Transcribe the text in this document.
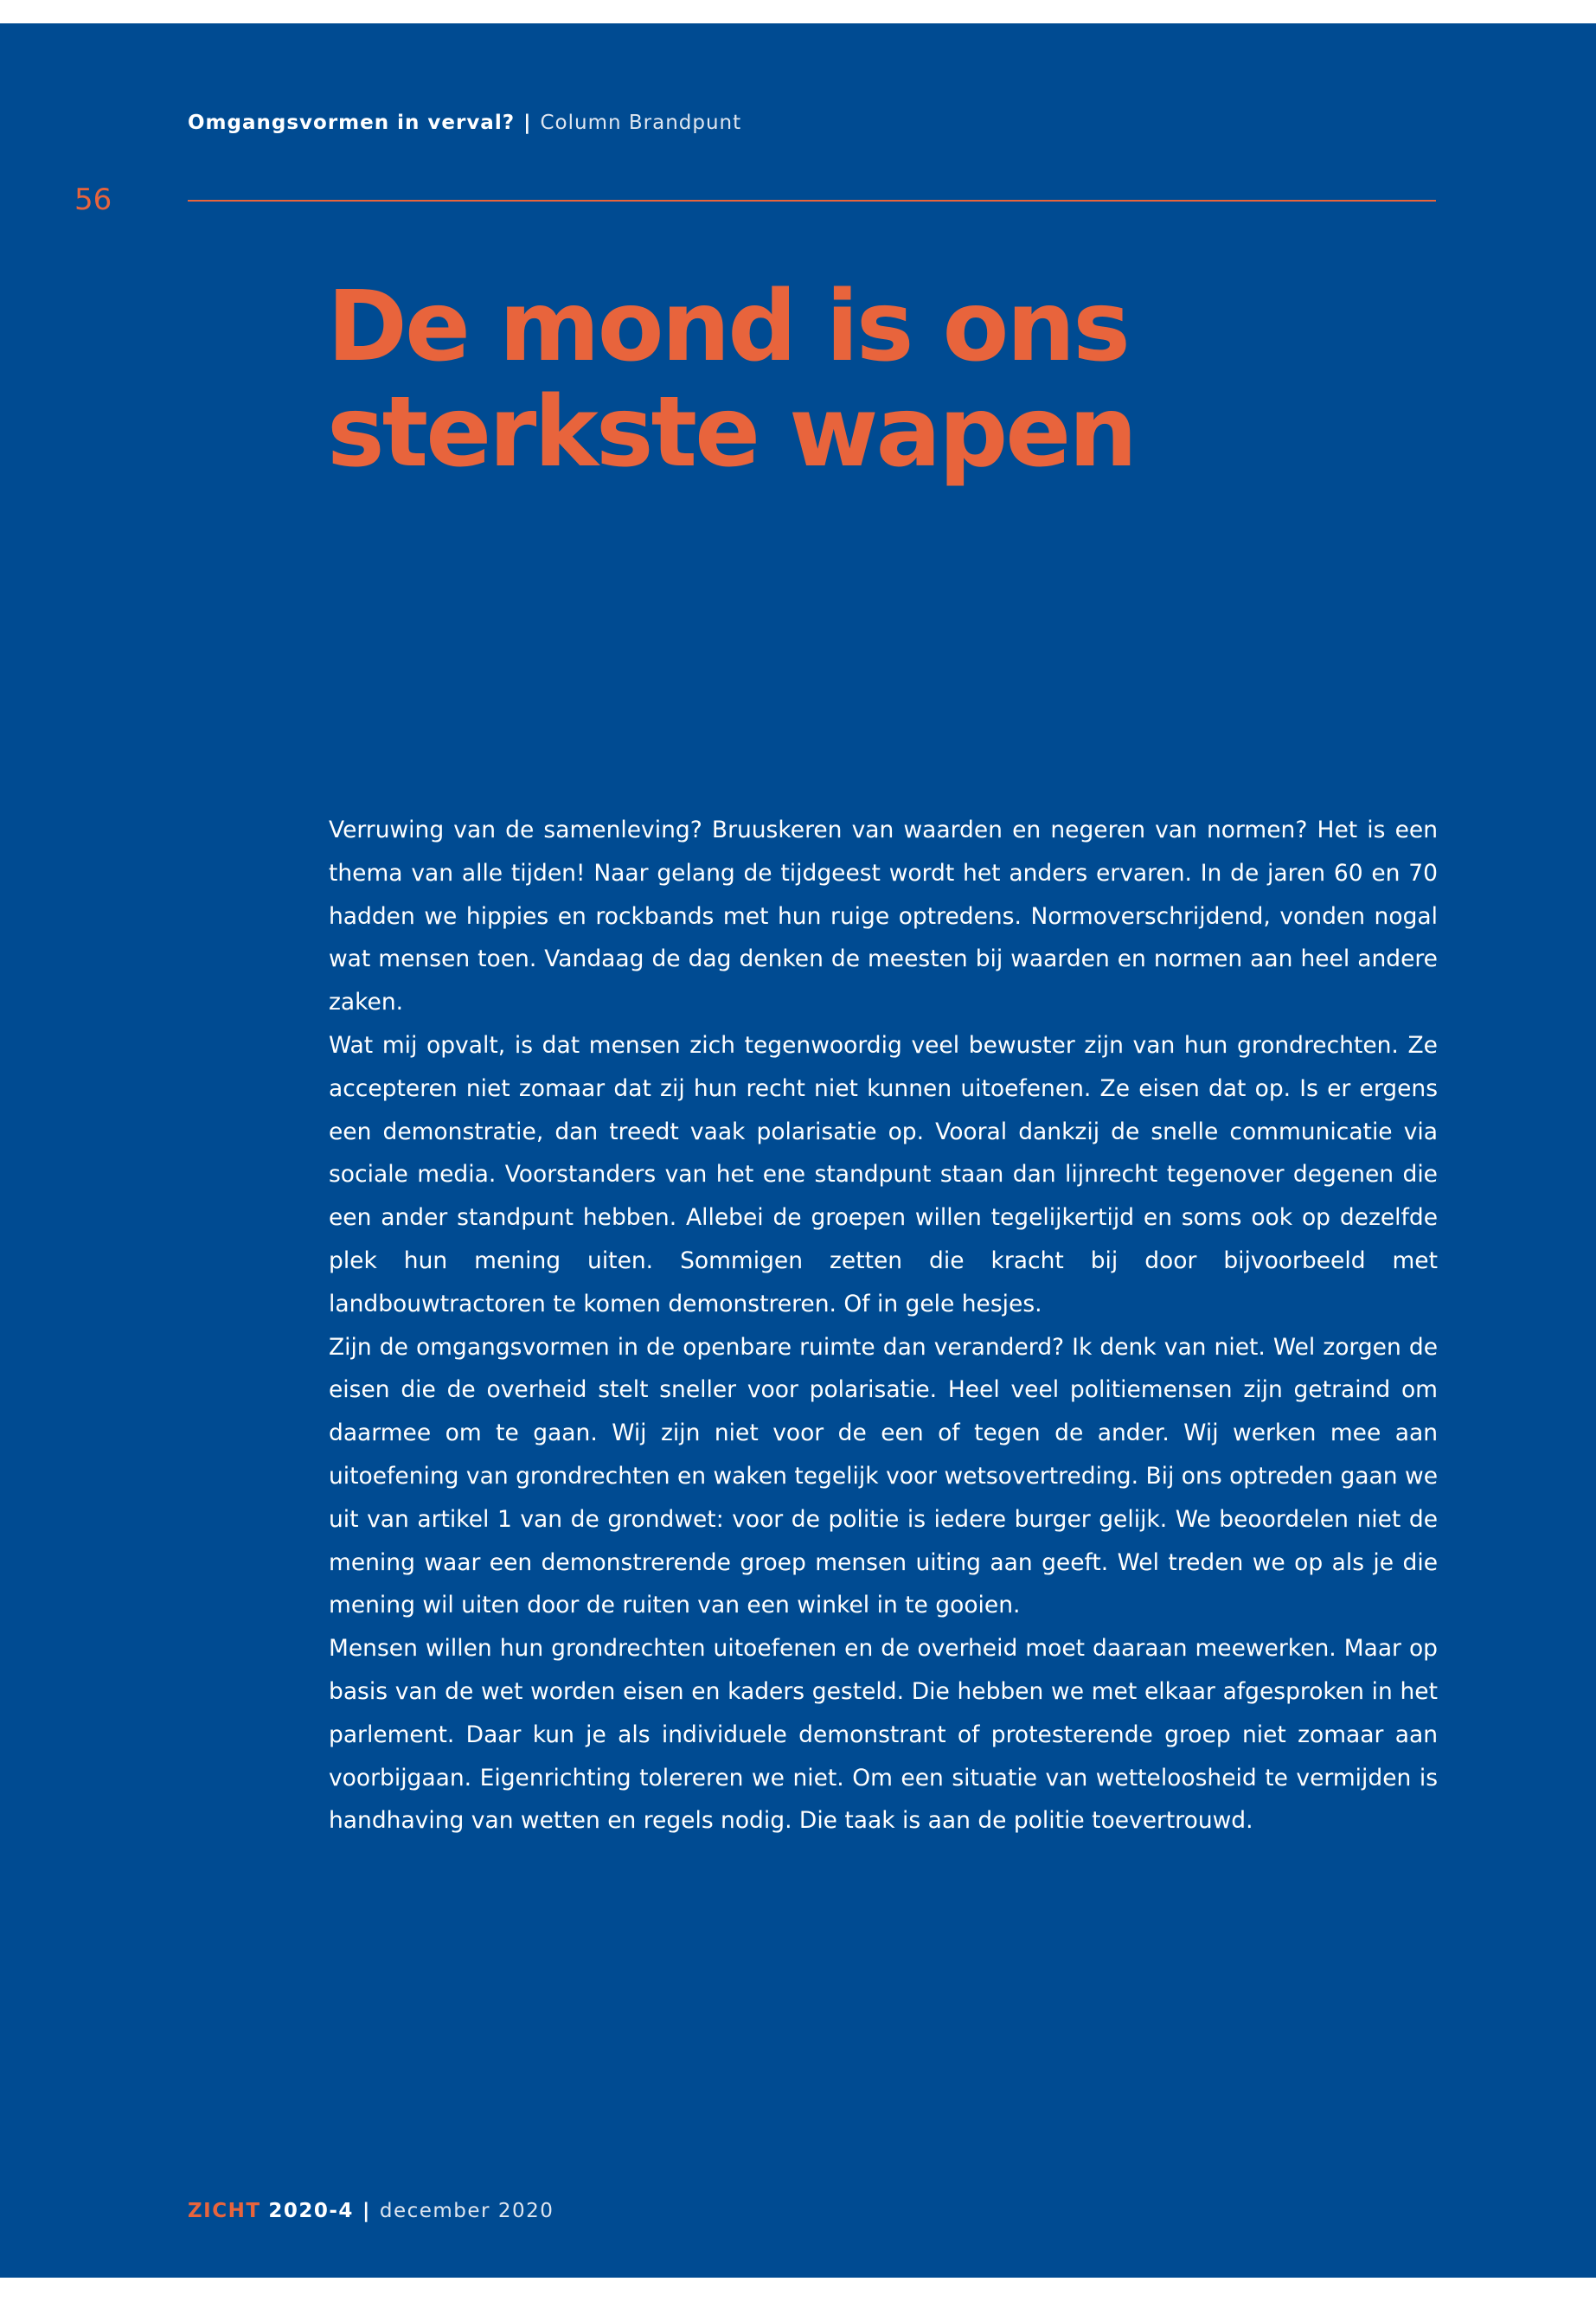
Omgangsvormen in verval? | Column Brandpunt
56
De mond is ons
sterkste wapen

Verruwing van de samenleving? Bruuskeren van waarden en negeren van normen? Het is een thema van alle tijden! Naar gelang de tijdgeest wordt het anders ervaren. In de jaren 60 en 70 hadden we hippies en rockbands met hun ruige optredens. Normoverschrijdend, vonden nogal wat mensen toen. Vandaag de dag denken de meesten bij waarden en normen aan heel andere zaken.

Wat mij opvalt, is dat mensen zich tegenwoordig veel bewuster zijn van hun grondrechten. Ze accepteren niet zomaar dat zij hun recht niet kunnen uitoefenen. Ze eisen dat op. Is er ergens een demonstratie, dan treedt vaak polarisatie op. Vooral dankzij de snelle communicatie via sociale media. Voorstanders van het ene standpunt staan dan lijnrecht tegenover degenen die een ander standpunt hebben. Allebei de groepen willen tegelijkertijd en soms ook op dezelfde plek hun mening uiten. Sommigen zetten die kracht bij door bijvoorbeeld met landbouwtractoren te komen demonstreren. Of in gele hesjes.

Zijn de omgangsvormen in de openbare ruimte dan veranderd? Ik denk van niet. Wel zorgen de eisen die de overheid stelt sneller voor polarisatie. Heel veel politiemensen zijn getraind om daarmee om te gaan. Wij zijn niet voor de een of tegen de ander. Wij werken mee aan uitoefening van grondrechten en waken tegelijk voor wetsovertreding. Bij ons optreden gaan we uit van artikel 1 van de grondwet: voor de politie is iedere burger gelijk. We beoordelen niet de mening waar een demonstrerende groep mensen uiting aan geeft. Wel treden we op als je die mening wil uiten door de ruiten van een winkel in te gooien.

Mensen willen hun grondrechten uitoefenen en de overheid moet daaraan meewerken. Maar op basis van de wet worden eisen en kaders gesteld. Die hebben we met elkaar afgesproken in het parlement. Daar kun je als individuele demonstrant of protesterende groep niet zomaar aan voorbijgaan. Eigenrichting tolereren we niet. Om een situatie van wetteloosheid te vermijden is handhaving van wetten en regels nodig. Die taak is aan de politie toevertrouwd.

ZICHT 2020-4 | december 2020
